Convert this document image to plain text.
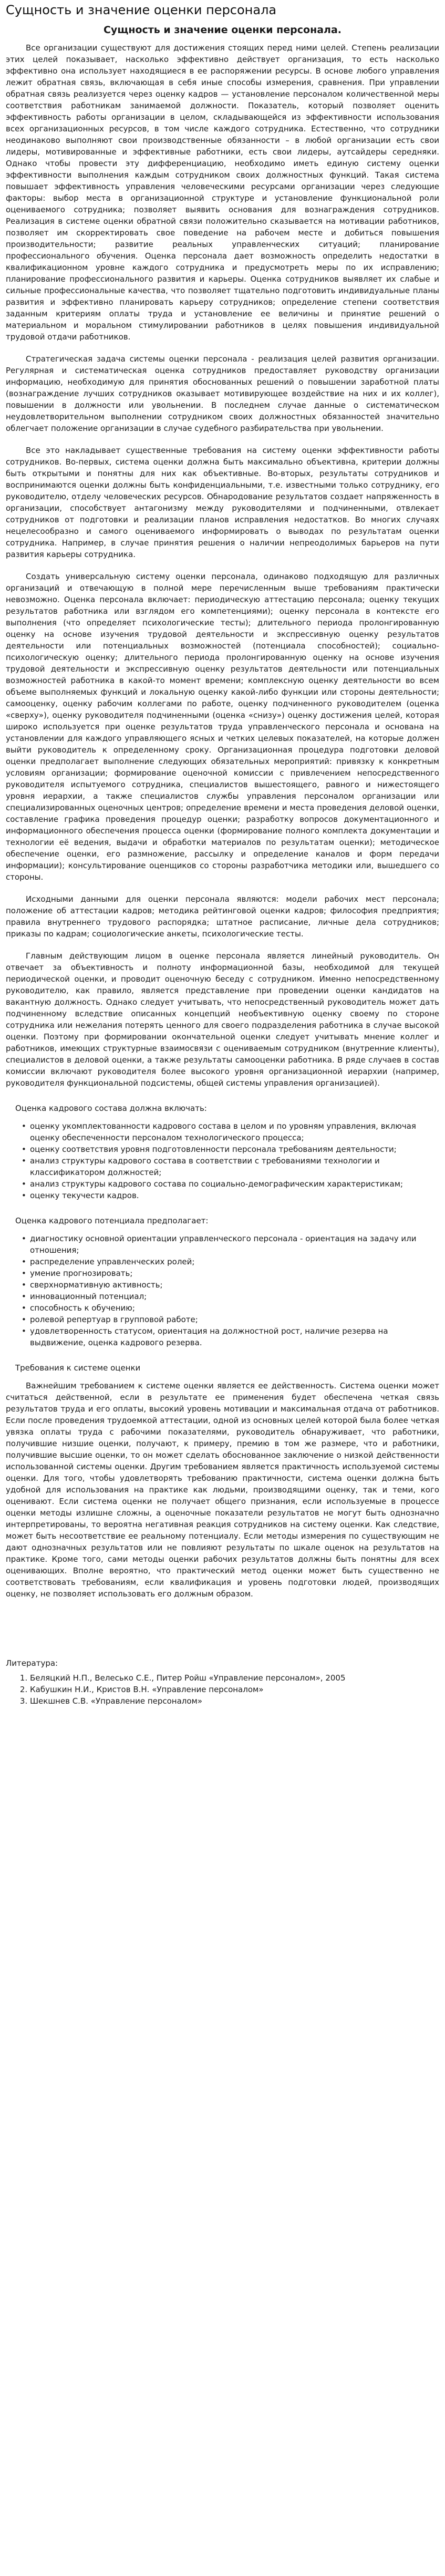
Сущность и значение оценки персонала
Сущность и значение оценки персонала.

Все организации существуют для достижения стоящих перед ними целей. Степень реализации этих целей показывает, насколько эффективно действует организация, то есть насколько эффективно она использует находящиеся в ее распоряжении ресурсы. В основе любого управления лежит обратная связь, включающая в себя иные способы измерения, сравнения. При управлении обратная связь реализуется через оценку кадров — установление персоналом количественной меры соответствия работникам занимаемой должности. Показатель, который позволяет оценить эффективность работы организации в целом, складывающейся из эффективности использования всех организационных ресурсов, в том числе каждого сотрудника. Естественно, что сотрудники неодинаково выполняют свои производственные обязанности – в любой организации есть свои лидеры, мотивированные и эффективные работники, есть свои лидеры, аутсайдеры середняки. Однако чтобы провести эту дифференциацию, необходимо иметь единую систему оценки эффективности выполнения каждым сотрудником своих должностных функций. Такая система повышает эффективность управления человеческими ресурсами организации через следующие факторы: выбор места в организационной структуре и установление функциональной роли оцениваемого сотрудника; позволяет выявить основания для вознаграждения сотрудников. Реализация в системе оценки обратной связи положительно сказывается на мотивации работников, позволяет им скорректировать свое поведение на рабочем месте и добиться повышения производительности; развитие реальных управленческих ситуаций; планирование профессионального обучения. Оценка персонала дает возможность определить недостатки в квалификационном уровне каждого сотрудника и предусмотреть меры по их исправлению; планирование профессионального развития и карьеры. Оценка сотрудников выявляет их слабые и сильные профессиональные качества, что позволяет тщательно подготовить индивидуальные планы развития и эффективно планировать карьеру сотрудников; определение степени соответствия заданным критериям оплаты труда и установление ее величины и принятие решений о материальном и моральном стимулировании работников в целях повышения индивидуальной трудовой отдачи работников.

Стратегическая задача системы оценки персонала - реализация целей развития организации. Регулярная и систематическая оценка сотрудников предоставляет руководству организации информацию, необходимую для принятия обоснованных решений о повышении заработной платы (вознаграждение лучших сотрудников оказывает мотивирующее воздействие на них и их коллег), повышении в должности или увольнении. В последнем случае данные о систематическом неудовлетворительном выполнении сотрудником своих должностных обязанностей значительно облегчает положение организации в случае судебного разбирательства при увольнении.

Все это накладывает существенные требования на систему оценки эффективности работы сотрудников. Во-первых, система оценки должна быть максимально объективна, критерии должны быть открытыми и понятны для них как объективные. Во-вторых, результаты сотрудников и воспринимаются оценки должны быть конфиденциальными, т.е. известными только сотруднику, его руководителю, отделу человеческих ресурсов. Обнародование результатов создает напряженность в организации, способствует антагонизму между руководителями и подчиненными, отвлекает сотрудников от подготовки и реализации планов исправления недостатков. Во многих случаях нецелесообразно и самого оцениваемого информировать о выводах по результатам оценки сотрудника. Например, в случае принятия решения о наличии непреодолимых барьеров на пути развития карьеры сотрудника.

Создать универсальную систему оценки персонала, одинаково подходящую для различных организаций и отвечающую в полной мере перечисленным выше требованиям практически невозможно. Оценка персонала включает: периодическую аттестацию персонала; оценку текущих результатов работника или взглядом его компетенциями); оценку персонала в контексте его выполнения (что определяет психологические тесты); длительного периода пролонгированную оценку на основе изучения трудовой деятельности и экспрессивную оценку результатов деятельности или потенциальных возможностей (потенциала способностей); социально-психологическую оценку; длительного периода пролонгированную оценку на основе изучения трудовой деятельности и экспрессивную оценку результатов деятельности или потенциальных возможностей работника в какой-то момент времени; комплексную оценку деятельности во всем объеме выполняемых функций и локальную оценку какой-либо функции или стороны деятельности; самооценку, оценку рабочим коллегами по работе, оценку подчиненного руководителем (оценка «сверху»), оценку руководителя подчиненными (оценка «снизу») оценку достижения целей, которая широко используется при оценке результатов труда управленческого персонала и основана на установлении для каждого управляющего ясных и четких целевых показателей, на которые должен выйти руководитель к определенному сроку. Организационная процедура подготовки деловой оценки предполагает выполнение следующих обязательных мероприятий: привязку к конкретным условиям организации; формирование оценочной комиссии с привлечением непосредственного руководителя испытуемого сотрудника, специалистов вышестоящего, равного и нижестоящего уровня иерархии, а также специалистов службы управления персоналом организации или специализированных оценочных центров; определение времени и места проведения деловой оценки, составление графика проведения процедур оценки; разработку вопросов документационного и информационного обеспечения процесса оценки (формирование полного комплекта документации и технологии её ведения, выдачи и обработки материалов по результатам оценки); методическое обеспечение оценки, его размножение, рассылку и определение каналов и форм передачи информации); консультирование оценщиков со стороны разработчика методики или, вышедшего со стороны.

Исходными данными для оценки персонала являются: модели рабочих мест персонала; положение об аттестации кадров; методика рейтинговой оценки кадров; философия предприятия; правила внутреннего трудового распорядка; штатное расписание, личные дела сотрудников; приказы по кадрам; социологические анкеты, психологические тесты.

Главным действующим лицом в оценке персонала является линейный руководитель. Он отвечает за объективность и полноту информационной базы, необходимой для текущей периодической оценки, и проводит оценочную беседу с сотрудником. Именно непосредственному руководителю, как правило, является представление при проведении оценки кандидатов на вакантную должность. Однако следует учитывать, что непосредственный руководитель может дать подчиненному вследствие описанных концепций необъективную оценку своему по стороне сотрудника или нежелания потерять ценного для своего подразделения работника в случае высокой оценки. Поэтому при формировании окончательной оценки следует учитывать мнение коллег и работников, имеющих структурные взаимосвязи с оцениваемым сотрудником (внутренние клиенты), специалистов в деловой оценки, а также результаты самооценки работника. В ряде случаев в состав комиссии включают руководителя более высокого уровня организационной иерархии (например, руководителя функциональной подсистемы, общей системы управления организацией).

Оценка кадрового состава должна включать:

• оценку укомплектованности кадрового состава в целом и по уровням управления, включая оценку обеспеченности персоналом технологического процесса;
• оценку соответствия уровня подготовленности персонала требованиям деятельности;
• анализ структуры кадрового состава в соответствии с требованиями технологии и классификатором должностей;
• анализ структуры кадрового состава по социально-демографическим характеристикам;
• оценку текучести кадров.

Оценка кадрового потенциала предполагает:

• диагностику основной ориентации управленческого персонала - ориентация на задачу или отношения;
• распределение управленческих ролей;
• умение прогнозировать;
• сверхнормативную активность;
• инновационный потенциал;
• способность к обучению;
• ролевой репертуар в групповой работе;
• удовлетворенность статусом, ориентация на должностной рост, наличие резерва на выдвижение, оценка кадрового резерва.

Требования к системе оценки

Важнейшим требованием к системе оценки является ее действенность. Система оценки может считаться действенной, если в результате ее применения будет обеспечена четкая связь результатов труда и его оплаты, высокий уровень мотивации и максимальная отдача от работников. Если после проведения трудоемкой аттестации, одной из основных целей которой была более четкая увязка оплаты труда с рабочими показателями, руководитель обнаруживает, что работники, получившие низшие оценки, получают, к примеру, премию в том же размере, что и работники, получившие высшие оценки, то он может сделать обоснованное заключение о низкой действенности использованной системы оценки. Другим требованием является практичность используемой системы оценки. Для того, чтобы удовлетворять требованию практичности, система оценки должна быть удобной для использования на практике как людьми, производящими оценку, так и теми, кого оценивают. Если система оценки не получает общего признания, если используемые в процессе оценки методы излишне сложны, а оценочные показатели результатов не могут быть однозначно интерпретированы, то вероятна негативная реакция сотрудников на систему оценки. Как следствие, может быть несоответствие ее реальному потенциалу. Если методы измерения по существующим не дают однозначных результатов или не повлияют результаты по шкале оценок на результатов на практике. Кроме того, сами методы оценки рабочих результатов должны быть понятны для всех оценивающих. Вполне вероятно, что практический метод оценки может быть существенно не соответствовать требованиям, если квалификация и уровень подготовки людей, производящих оценку, не позволяет использовать его должным образом.

Литература:
1. Беляцкий Н.П., Велесько С.Е., Питер Ройш «Управление персоналом», 2005
2. Кабушкин Н.И., Кристов В.Н. «Управление персоналом»
3. Шекшнев С.В. «Управление персоналом»
